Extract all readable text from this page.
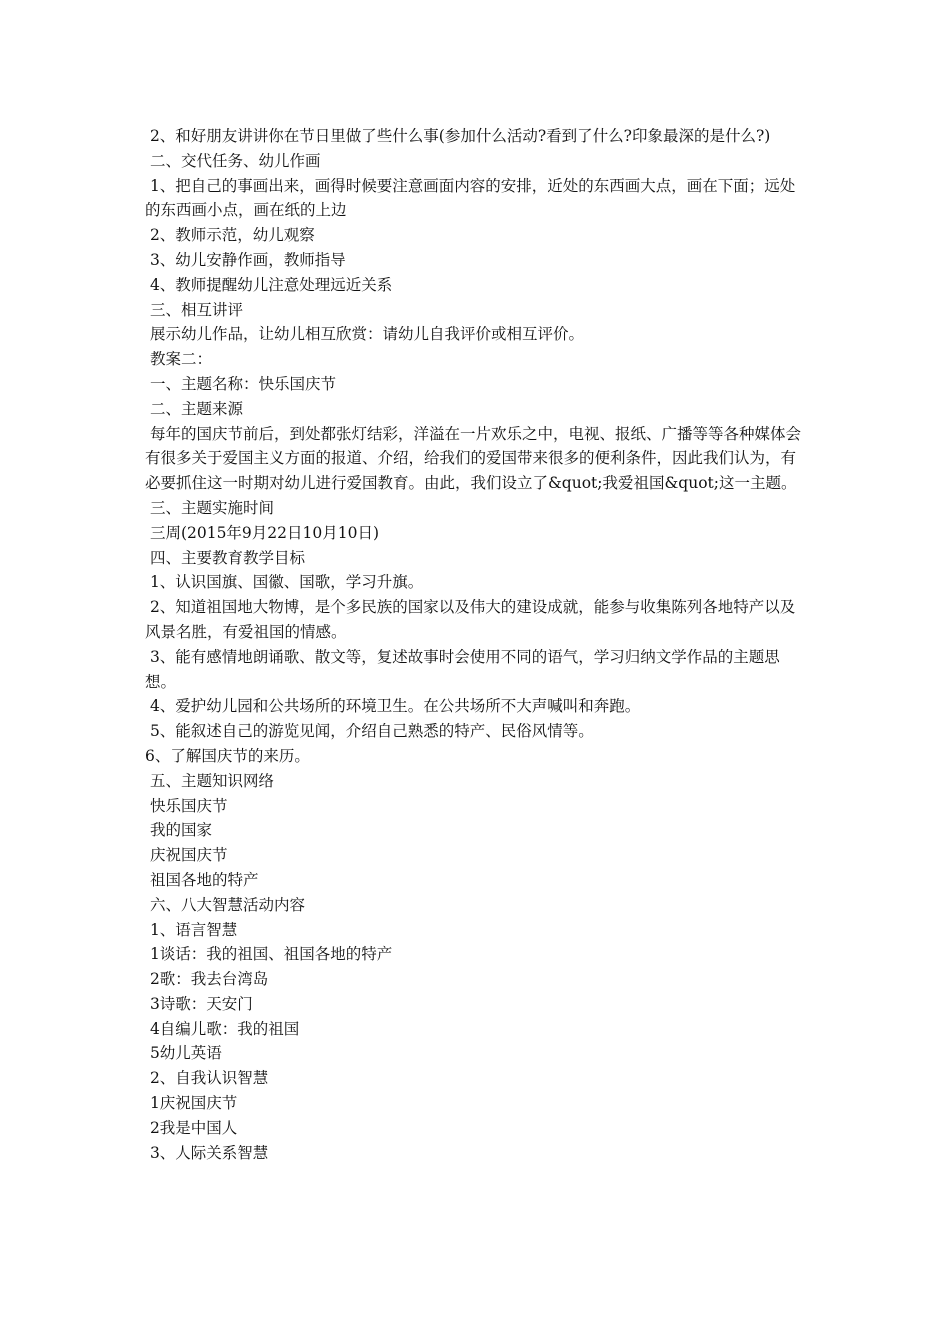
2、和好朋友讲讲你在节日里做了些什么事(参加什么活动?看到了什么?印象最深的是什么?)

二、交代任务、幼儿作画

1、把自己的事画出来，画得时候要注意画面内容的安排，近处的东西画大点，画在下面；远处的东西画小点，画在纸的上边

2、教师示范，幼儿观察

3、幼儿安静作画，教师指导

4、教师提醒幼儿注意处理远近关系

三、相互讲评

展示幼儿作品，让幼儿相互欣赏：请幼儿自我评价或相互评价。

教案二：

一、主题名称：快乐国庆节

二、主题来源

每年的国庆节前后，到处都张灯结彩，洋溢在一片欢乐之中，电视、报纸、广播等等各种媒体会有很多关于爱国主义方面的报道、介绍，给我们的爱国带来很多的便利条件，因此我们认为，有必要抓住这一时期对幼儿进行爱国教育。由此，我们设立了&quot;我爱祖国&quot;这一主题。

三、主题实施时间

三周(2015年9月22日10月10日)

四、主要教育教学目标

1、认识国旗、国徽、国歌，学习升旗。

2、知道祖国地大物博，是个多民族的国家以及伟大的建设成就，能参与收集陈列各地特产以及风景名胜，有爱祖国的情感。

3、能有感情地朗诵歌、散文等，复述故事时会使用不同的语气，学习归纳文学作品的主题思想。

4、爱护幼儿园和公共场所的环境卫生。在公共场所不大声喊叫和奔跑。

5、能叙述自己的游览见闻，介绍自己熟悉的特产、民俗风情等。

6、了解国庆节的来历。

五、主题知识网络

快乐国庆节

我的国家

庆祝国庆节

祖国各地的特产

六、八大智慧活动内容

1、语言智慧

1谈话：我的祖国、祖国各地的特产

2歌：我去台湾岛

3诗歌：天安门

4自编儿歌：我的祖国

5幼儿英语

2、自我认识智慧

1庆祝国庆节

2我是中国人

3、人际关系智慧
